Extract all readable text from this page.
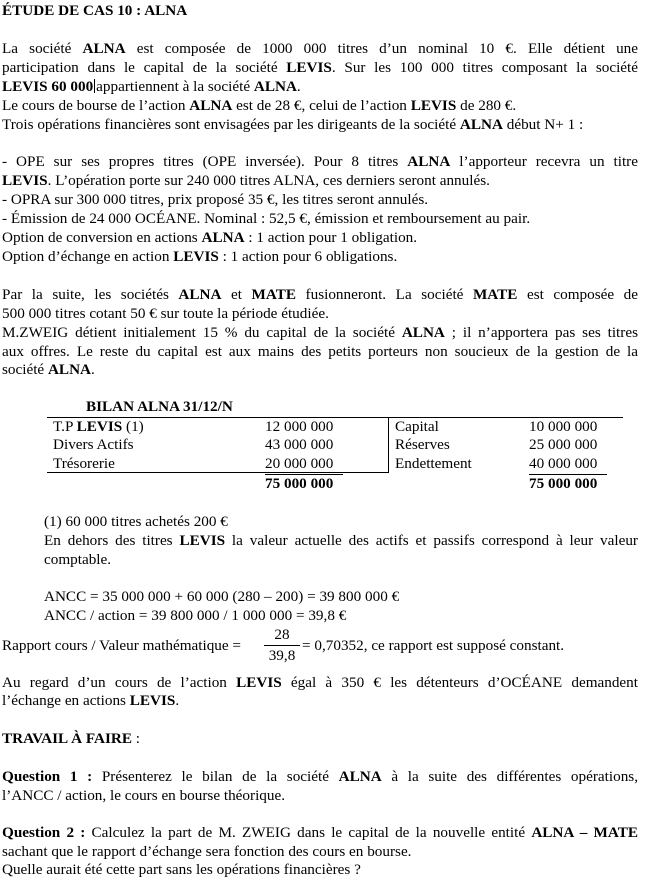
ÉTUDE DE CAS 10 : ALNA
La société ALNA est composée de 1000 000 titres d’un nominal 10 €. Elle détient une
participation dans le capital de la société LEVIS. Sur les 100 000 titres composant la société
LEVIS 60 000 appartiennent à la société ALNA.
Le cours de bourse de l’action ALNA est de 28 €, celui de l’action LEVIS de 280 €.
Trois opérations financières sont envisagées par les dirigeants de la société ALNA début N+ 1 :
- OPE sur ses propres titres (OPE inversée). Pour 8 titres ALNA l’apporteur recevra un titre
LEVIS. L’opération porte sur 240 000 titres ALNA, ces derniers seront annulés.
- OPRA sur 300 000 titres, prix proposé 35 €, les titres seront annulés.
- Émission de 24 000 OCÉANE. Nominal : 52,5 €, émission et remboursement au pair.
Option de conversion en actions ALNA : 1 action pour 1 obligation.
Option d’échange en action LEVIS : 1 action pour 6 obligations.
Par la suite, les sociétés ALNA et MATE fusionneront. La société MATE est composée de
500 000 titres cotant 50 € sur toute la période étudiée.
M.ZWEIG détient initialement 15 % du capital de la société ALNA ; il n’apportera pas ses titres
aux offres. Le reste du capital est aux mains des petits porteurs non soucieux de la gestion de la
société ALNA.
BILAN ALNA 31/12/N
T.P LEVIS (1)
Divers Actifs
Trésorerie
12 000 000
43 000 000
20 000 000
75 000 000
Capital
Réserves
Endettement
10 000 000
25 000 000
40 000 000
75 000 000
(1) 60 000 titres achetés 200 €
En dehors des titres LEVIS la valeur actuelle des actifs et passifs correspond à leur valeur
comptable.
ANCC = 35 000 000 + 60 000 (280 – 200) = 39 800 000 €
ANCC / action = 39 800 000 / 1 000 000 = 39,8 €
Rapport cours / Valeur mathématique =
28
39,8
= 0,70352, ce rapport est supposé constant.
Au regard d’un cours de l’action LEVIS égal à 350 € les détenteurs d’OCÉANE demandent
l’échange en actions LEVIS.
TRAVAIL À FAIRE :
Question 1 : Présenterez le bilan de la société ALNA à la suite des différentes opérations,
l’ANCC / action, le cours en bourse théorique.
Question 2 : Calculez la part de M. ZWEIG dans le capital de la nouvelle entité ALNA – MATE
sachant que le rapport d’échange sera fonction des cours en bourse.
Quelle aurait été cette part sans les opérations financières ?
